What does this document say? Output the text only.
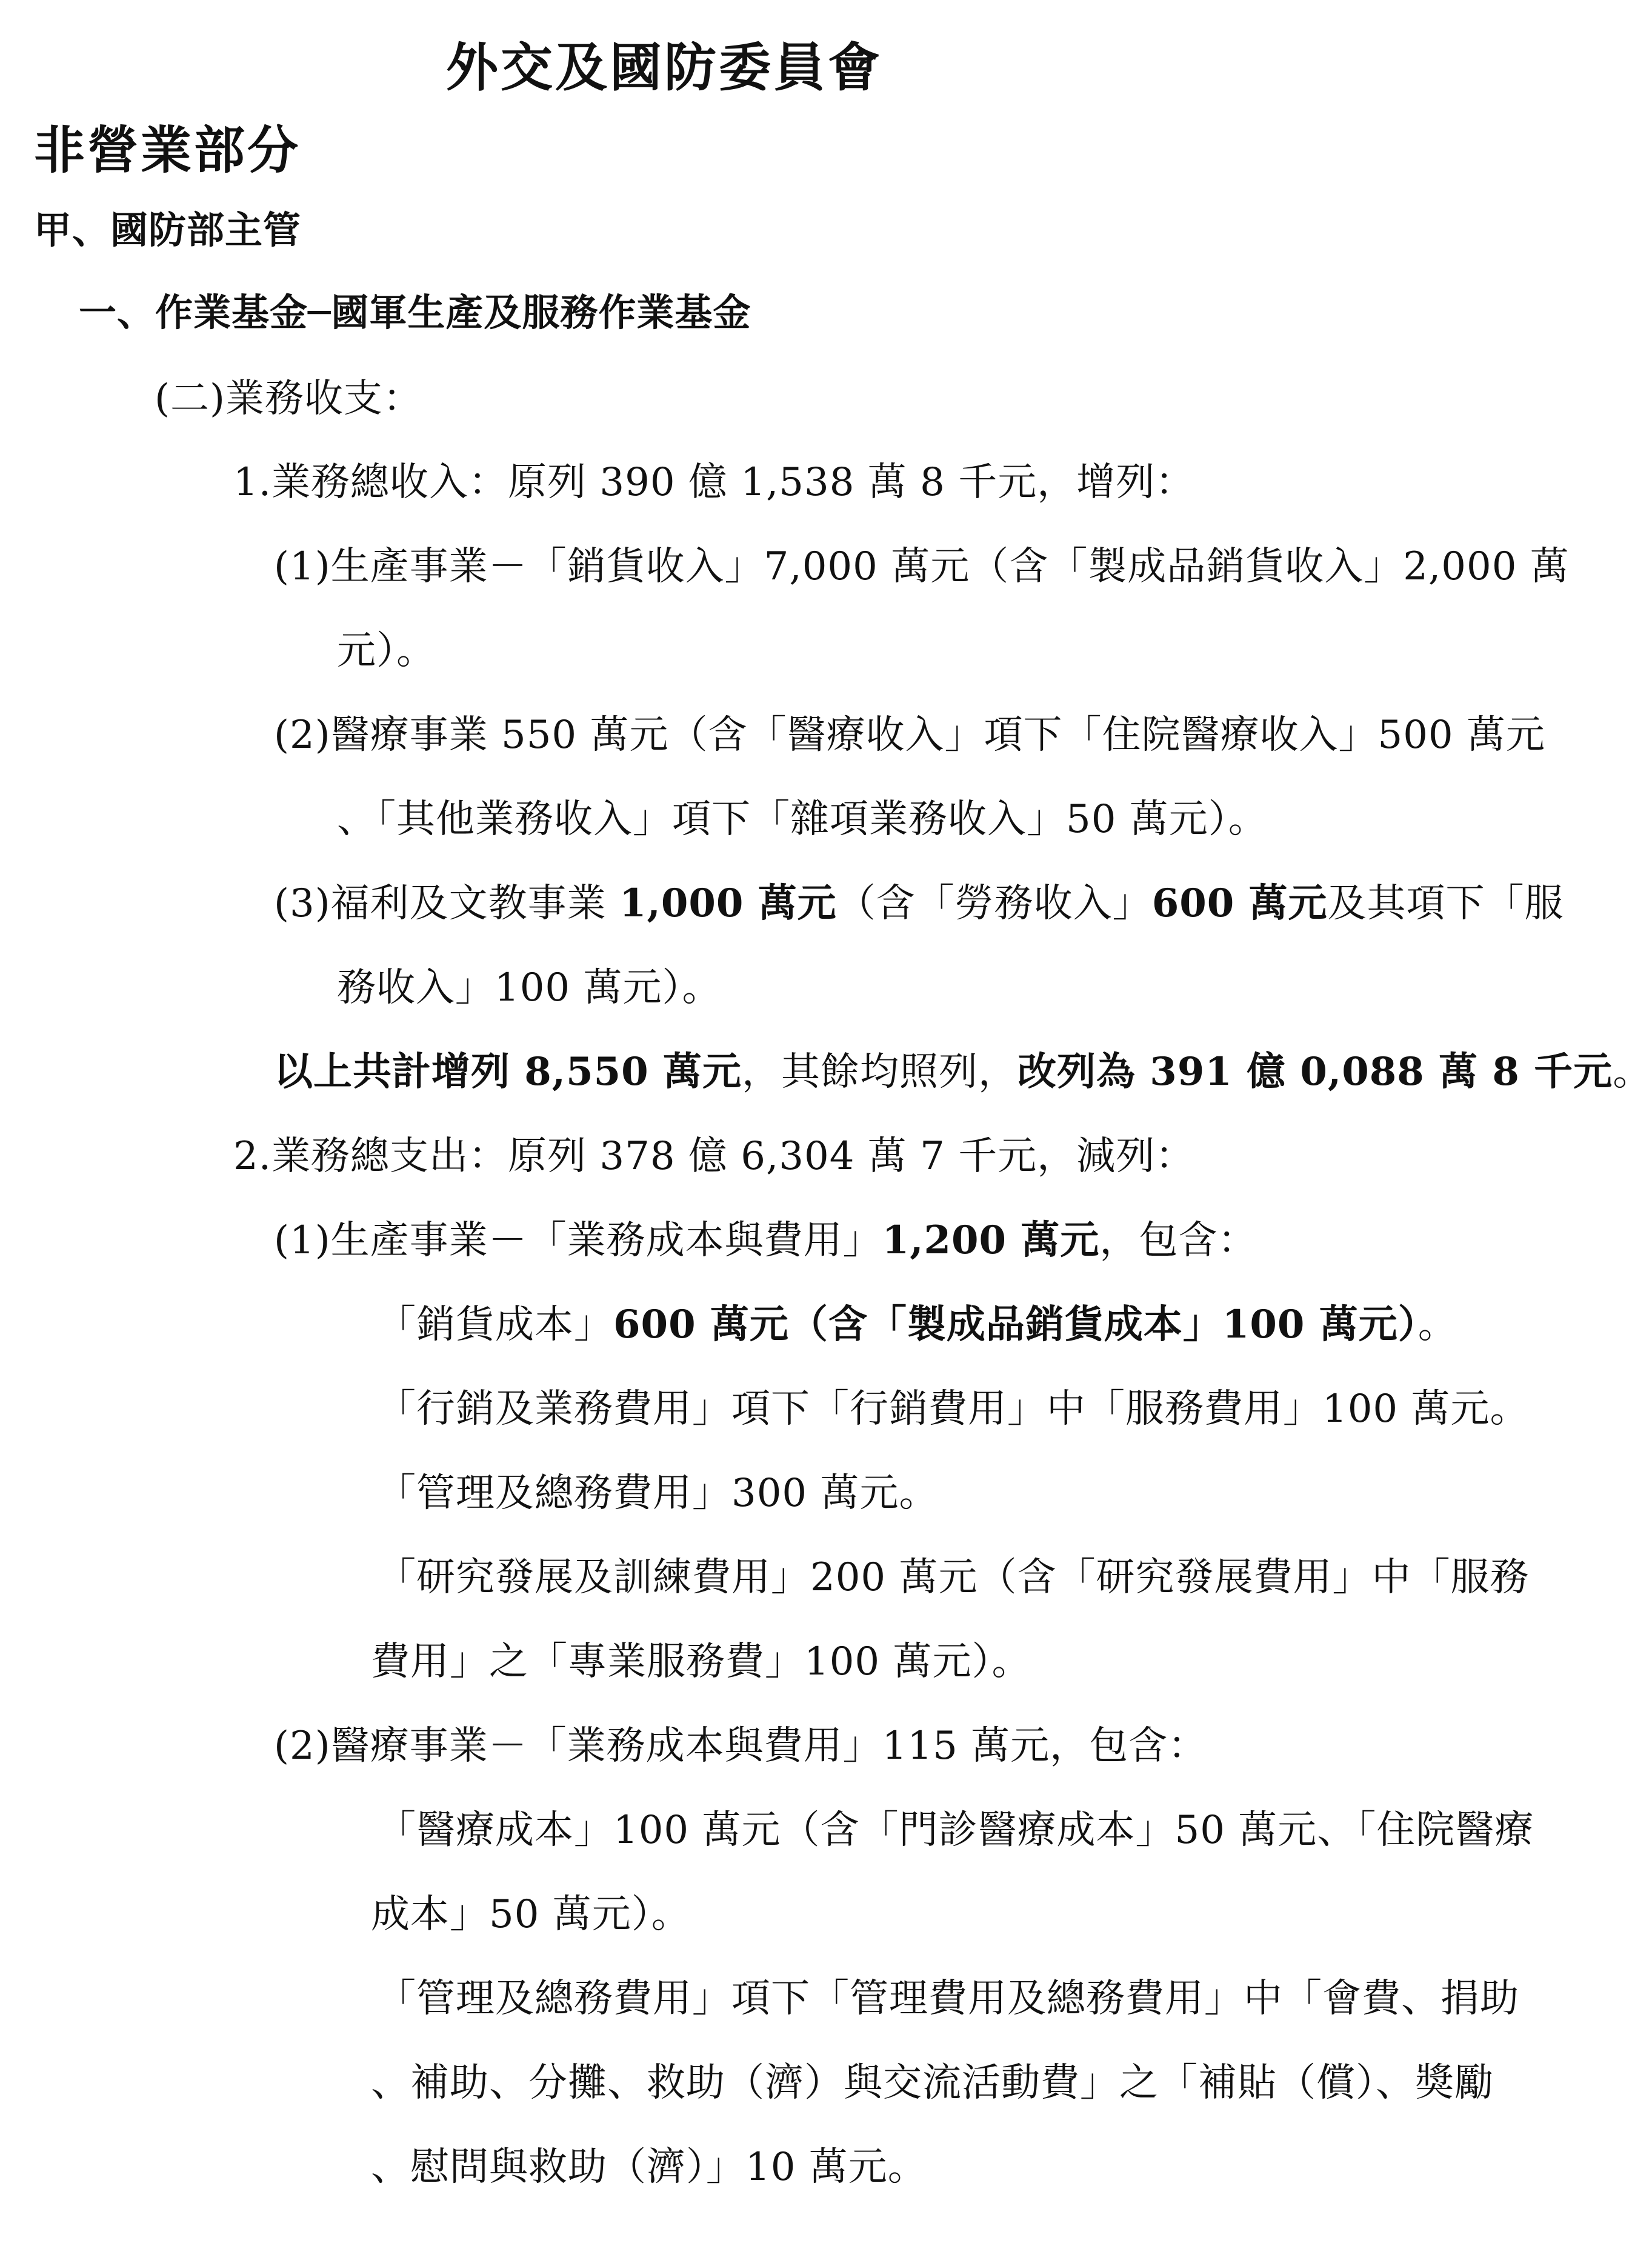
外交及國防委員會
非營業部分
甲、國防部主管
一、作業基金─國軍生產及服務作業基金
(二)業務收支：
1.業務總收入：原列 390 億 1,538 萬 8 千元，增列：
(1)生產事業－「銷貨收入」7,000 萬元（含「製成品銷貨收入」2,000 萬
元）。
(2)醫療事業 550 萬元（含「醫療收入」項下「住院醫療收入」500 萬元
、「其他業務收入」項下「雜項業務收入」50 萬元）。
(3)福利及文教事業 1,000 萬元（含「勞務收入」600 萬元及其項下「服
務收入」100 萬元）。
以上共計增列 8,550 萬元，其餘均照列，改列為 391 億 0,088 萬 8 千元。
2.業務總支出：原列 378 億 6,304 萬 7 千元，減列：
(1)生產事業－「業務成本與費用」1,200 萬元，包含：
「銷貨成本」600 萬元（含「製成品銷貨成本」100 萬元）。
「行銷及業務費用」項下「行銷費用」中「服務費用」100 萬元。
「管理及總務費用」300 萬元。
「研究發展及訓練費用」200 萬元（含「研究發展費用」中「服務
費用」之「專業服務費」100 萬元）。
(2)醫療事業－「業務成本與費用」115 萬元，包含：
「醫療成本」100 萬元（含「門診醫療成本」50 萬元、「住院醫療
成本」50 萬元）。
「管理及總務費用」項下「管理費用及總務費用」中「會費、捐助
、補助、分攤、救助（濟）與交流活動費」之「補貼（償）、獎勵
、慰問與救助（濟）」10 萬元。
